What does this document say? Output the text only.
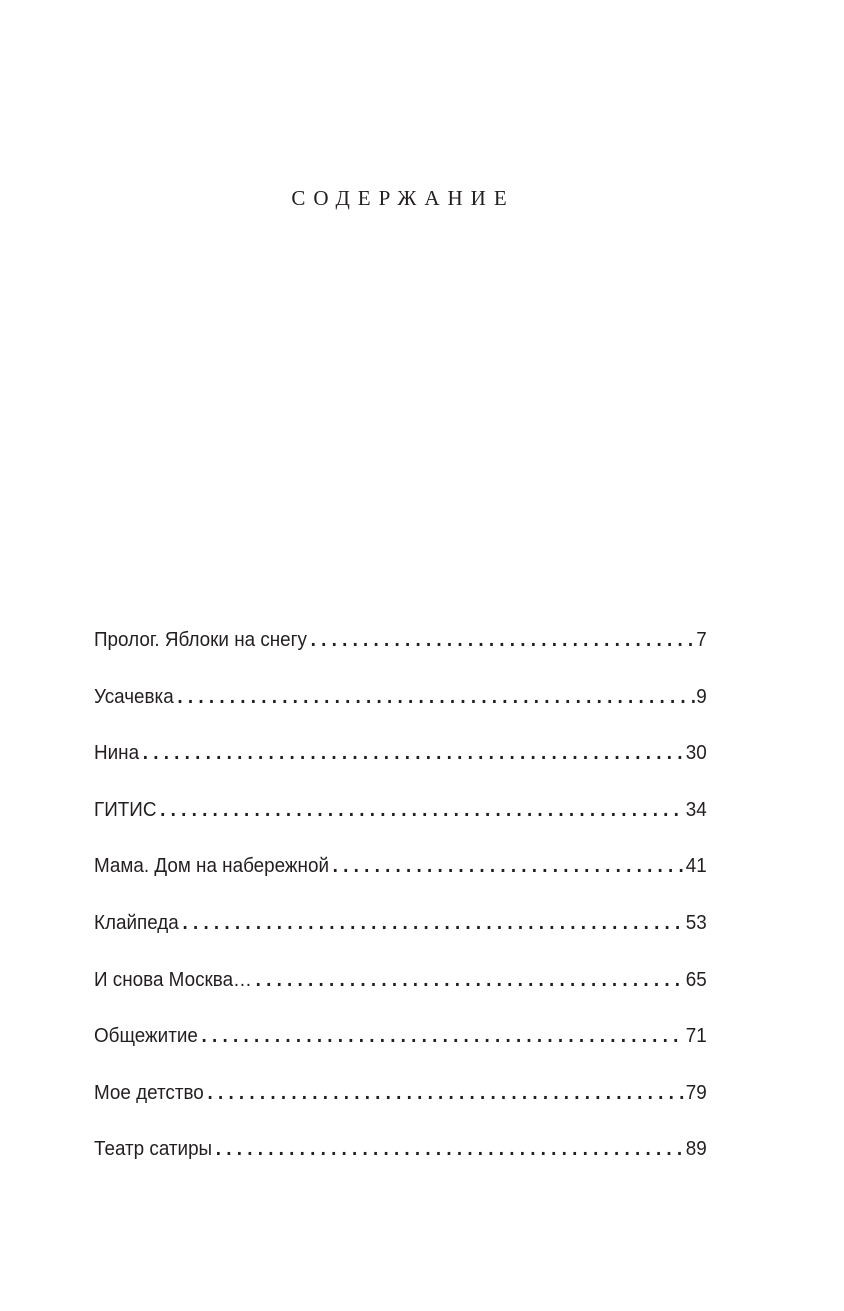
СОДЕРЖАНИЕ
Пролог. Яблоки на снегу . . .	7
Усачевка . . .	9
Нина . . .	30
ГИТИС . . .	34
Мама. Дом на набережной . . .	41
Клайпеда . . .	53
И снова Москва… . . .	65
Общежитие . . .	71
Мое детство . . .	79
Театр сатиры . . .	89
